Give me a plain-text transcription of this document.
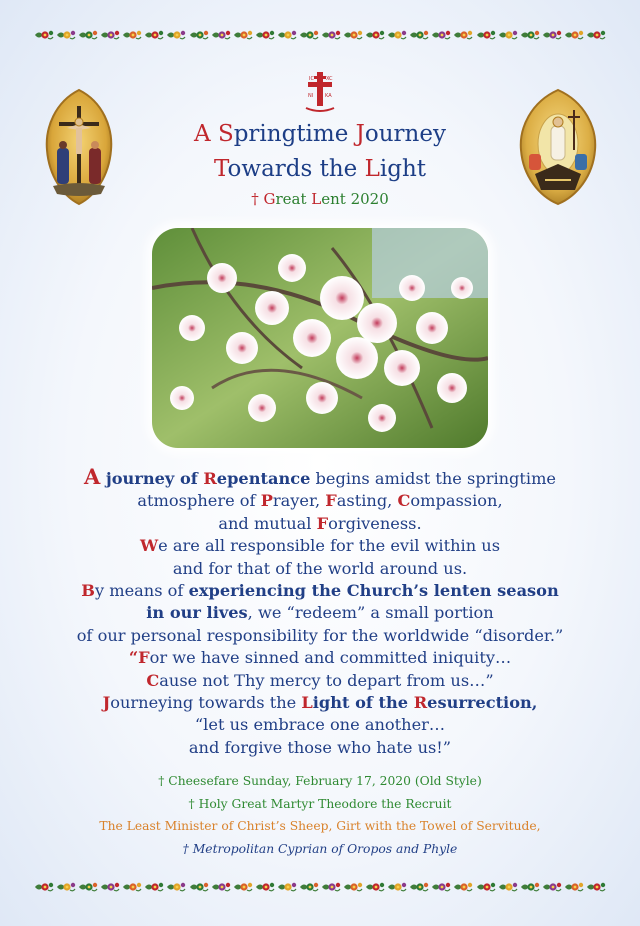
IC XC
NI KA
A Springtime Journey
Towards the Light
† Great Lent 2020
A journey of Repentance begins amidst the springtime
atmosphere of Prayer, Fasting, Compassion,
and mutual Forgiveness.
We are all responsible for the evil within us
and for that of the world around us.
By means of experiencing the Church’s lenten season
in our lives, we “redeem” a small portion
of our personal responsibility for the worldwide “disorder.”
“For we have sinned and committed iniquity…
Cause not Thy mercy to depart from us…”
Journeying towards the Light of the Resurrection,
“let us embrace one another…
and forgive those who hate us!”
† Cheesefare Sunday, February 17, 2020 (Old Style)
† Holy Great Martyr Theodore the Recruit
The Least Minister of Christ’s Sheep, Girt with the Towel of Servitude,
† Metropolitan Cyprian of Oropos and Phyle
